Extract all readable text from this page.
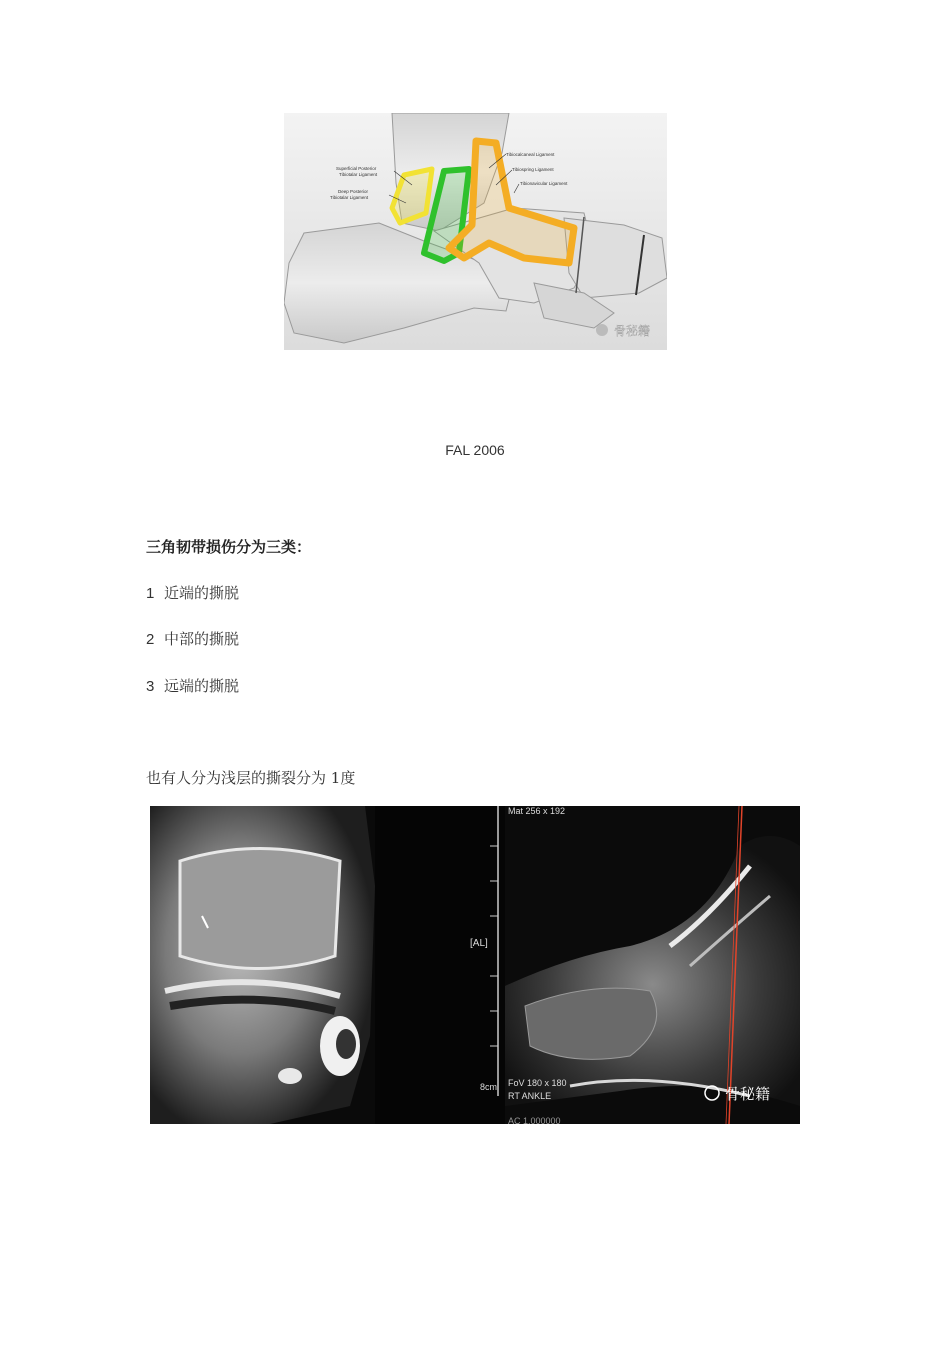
Superficial Posterior
Tibiotalar Ligament
Deep Posterior
Tibiotalar Ligament
Tibiocalcaneal Ligament
Tibiospring Ligament
Tibionavicular Ligament
骨秘籍
FAL 2006
三角韧带损伤分为三类：
1 近端的撕脱
2 中部的撕脱
3 远端的撕脱
也有人分为浅层的撕裂分为 1度
[AL]
8cm
Mat 256 x 192
FoV 180 x 180
RT ANKLE
AC 1.000000
骨秘籍
